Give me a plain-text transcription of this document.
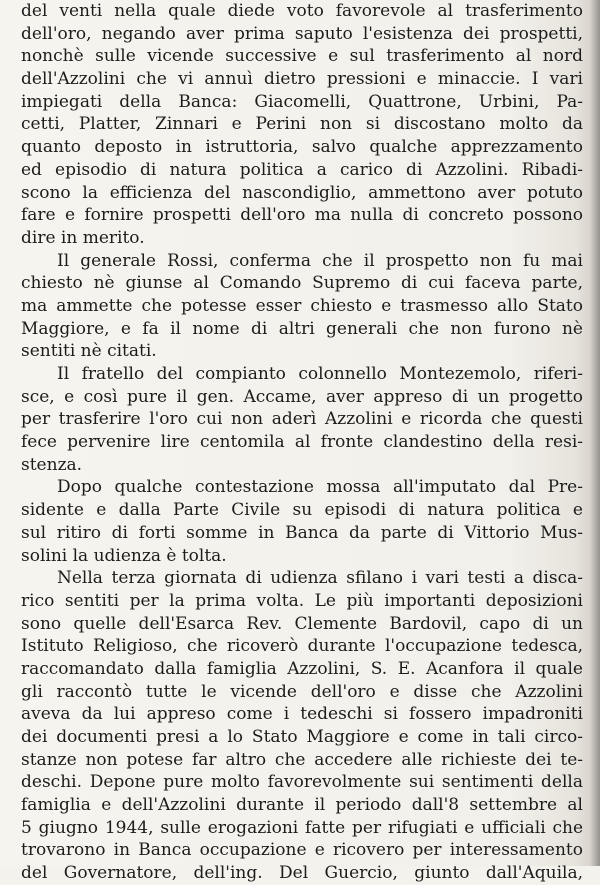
del venti nella quale diede voto favorevole al trasferimento
dell'oro, negando aver prima saputo l'esistenza dei prospetti,
nonchè sulle vicende successive e sul trasferimento al nord
dell'Azzolini che vi annuì dietro pressioni e minaccie. I vari
impiegati della Banca: Giacomelli, Quattrone, Urbini, Pa-
cetti, Platter, Zinnari e Perini non si discostano molto da
quanto deposto in istruttoria, salvo qualche apprezzamento
ed episodio di natura politica a carico di Azzolini. Ribadi-
scono la efficienza del nascondiglio, ammettono aver potuto
fare e fornire prospetti dell'oro ma nulla di concreto possono
dire in merito.
Il generale Rossi, conferma che il prospetto non fu mai
chiesto nè giunse al Comando Supremo di cui faceva parte,
ma ammette che potesse esser chiesto e trasmesso allo Stato
Maggiore, e fa il nome di altri generali che non furono nè
sentiti nè citati.
Il fratello del compianto colonnello Montezemolo, riferi-
sce, e così pure il gen. Accame, aver appreso di un progetto
per trasferire l'oro cui non aderì Azzolini e ricorda che questi
fece pervenire lire centomila al fronte clandestino della resi-
stenza.
Dopo qualche contestazione mossa all'imputato dal Pre-
sidente e dalla Parte Civile su episodi di natura politica e
sul ritiro di forti somme in Banca da parte di Vittorio Mus-
solini la udienza è tolta.
Nella terza giornata di udienza sfilano i vari testi a disca-
rico sentiti per la prima volta. Le più importanti deposizioni
sono quelle dell'Esarca Rev. Clemente Bardovil, capo di un
Istituto Religioso, che ricoverò durante l'occupazione tedesca,
raccomandato dalla famiglia Azzolini, S. E. Acanfora il quale
gli raccontò tutte le vicende dell'oro e disse che Azzolini
aveva da lui appreso come i tedeschi si fossero impadroniti
dei documenti presi a lo Stato Maggiore e come in tali circo-
stanze non potese far altro che accedere alle richieste dei te-
deschi. Depone pure molto favorevolmente sui sentimenti della
famiglia e dell'Azzolini durante il periodo dall'8 settembre al
5 giugno 1944, sulle erogazioni fatte per rifugiati e ufficiali che
trovarono in Banca occupazione e ricovero per interessamento
del Governatore, dell'ing. Del Guercio, giunto dall'Aquila,
